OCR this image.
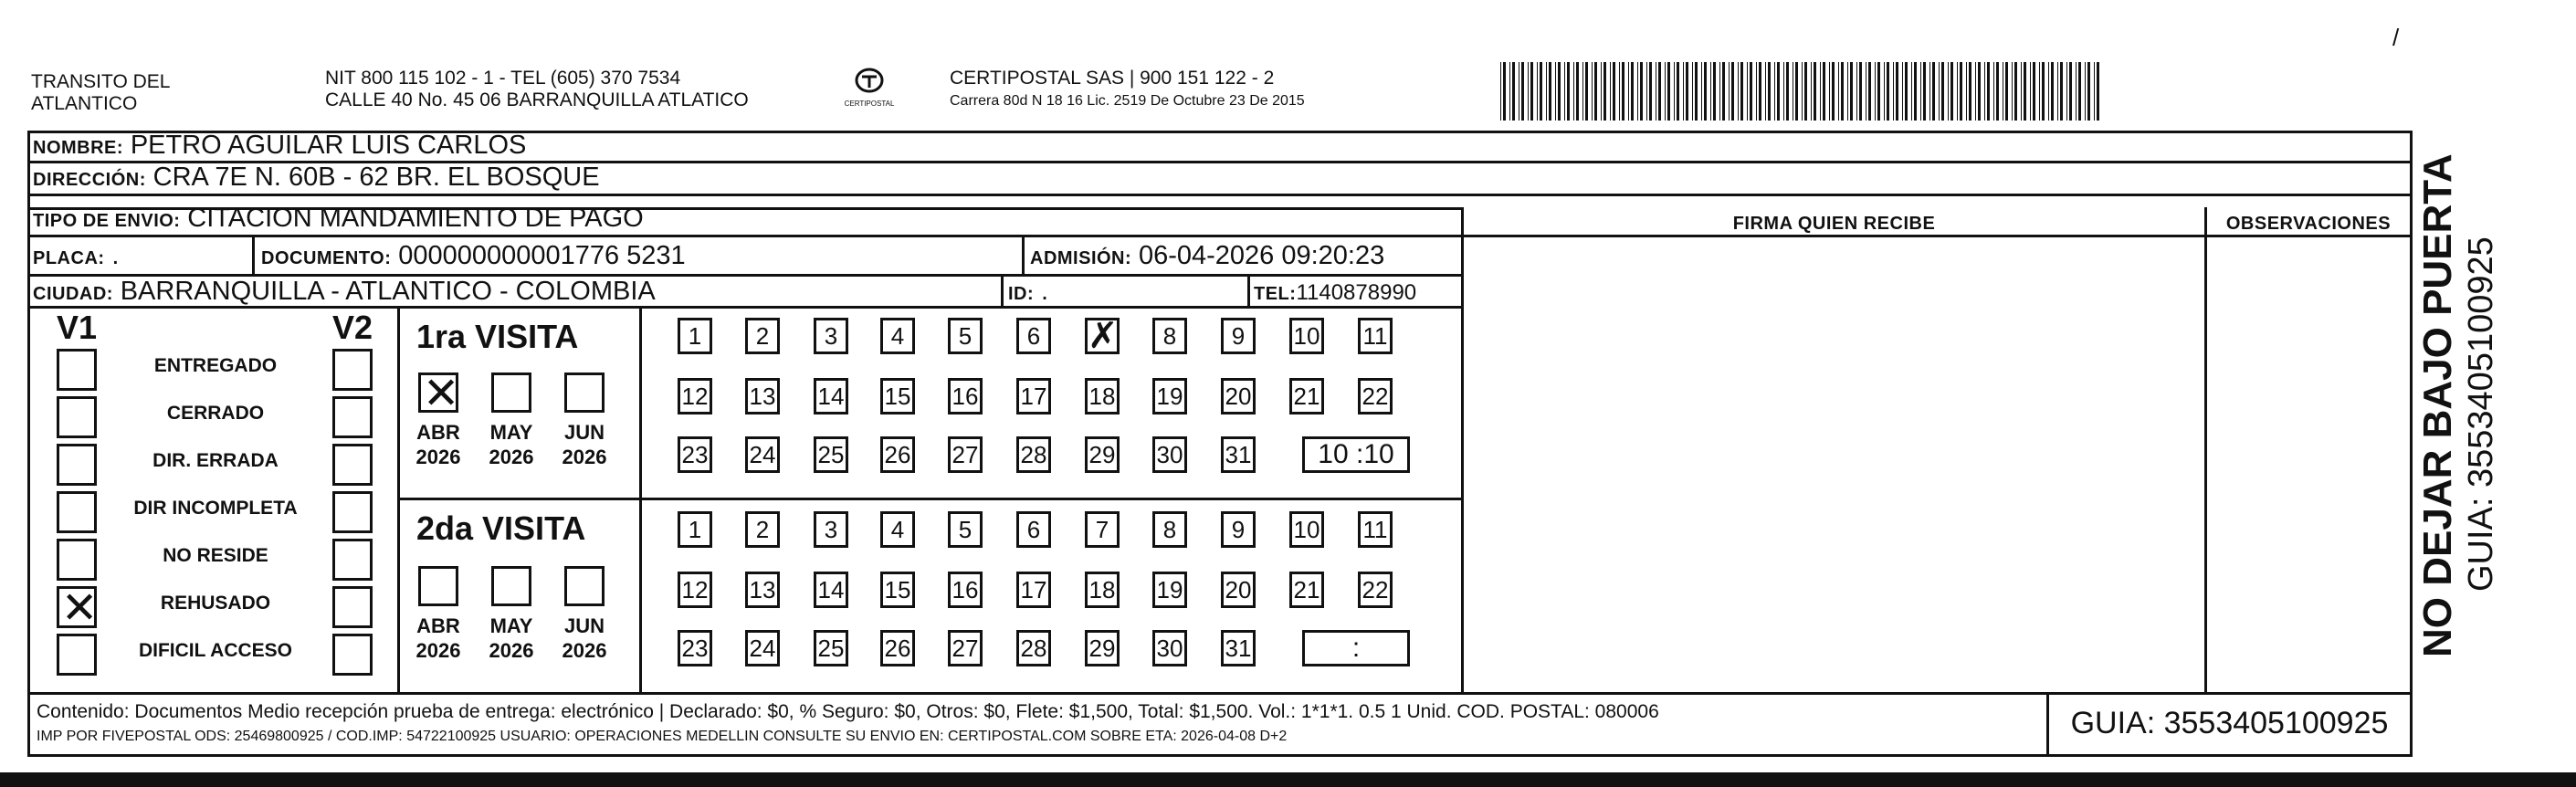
TRANSITO DEL
ATLANTICO
NIT 800 115 102 - 1 - TEL (605) 370 7534
CALLE 40 No. 45 06 BARRANQUILLA ATLATICO	CERTIPOSTAL
CERTIPOSTAL SAS | 900 151 122 - 2
Carrera 80d N 18 16 Lic. 2519 De Octubre 23 De 2015
/
NOMBRE: PETRO AGUILAR LUIS CARLOS
DIRECCIÓN: CRA 7E N. 60B - 62 BR. EL BOSQUE
TIPO DE ENVIO: CITACION MANDAMIENTO DE PAGO	FIRMA QUIEN RECIBE	OBSERVACIONES
PLACA: .	DOCUMENTO: 000000000001776 5231	ADMISIÓN: 06-04-2026 09:20:23
CIUDAD: BARRANQUILLA - ATLANTICO - COLOMBIA	ID: .	TEL:1140878990
V1	V2
ENTREGADO
CERRADO
DIR. ERRADA
DIR INCOMPLETA
NO RESIDE
✕	REHUSADO
DIFICIL ACCESO
1ra VISITA
✕
ABR
2026
MAY
2026
JUN
2026
1	2	3	4	5	6 ✗	8	9	10 11
12 13 14 15 16 17 18 19 20 21 22
23 24 25 26 27 28 29 30 31	10 :10
2da VISITA
ABR
2026
MAY
2026
JUN
2026
1	2	3	4	5	6	7	8	9	10 11
12 13 14 15 16 17 18 19 20 21 22
23 24 25 26 27 28 29 30 31	:
Contenido: Documentos Medio recepción prueba de entrega: electrónico | Declarado: $0, % Seguro: $0, Otros: $0, Flete: $1,500, Total: $1,500. Vol.: 1*1*1. 0.5 1 Unid. COD. POSTAL: 080006
IMP POR FIVEPOSTAL ODS: 25469800925 / COD.IMP: 54722100925 USUARIO: OPERACIONES MEDELLIN CONSULTE SU ENVIO EN: CERTIPOSTAL.COM SOBRE ETA: 2026-04-08 D+2	GUIA: 3553405100925
NO DEJAR BAJO PUERTA GUIA: 3553405100925
